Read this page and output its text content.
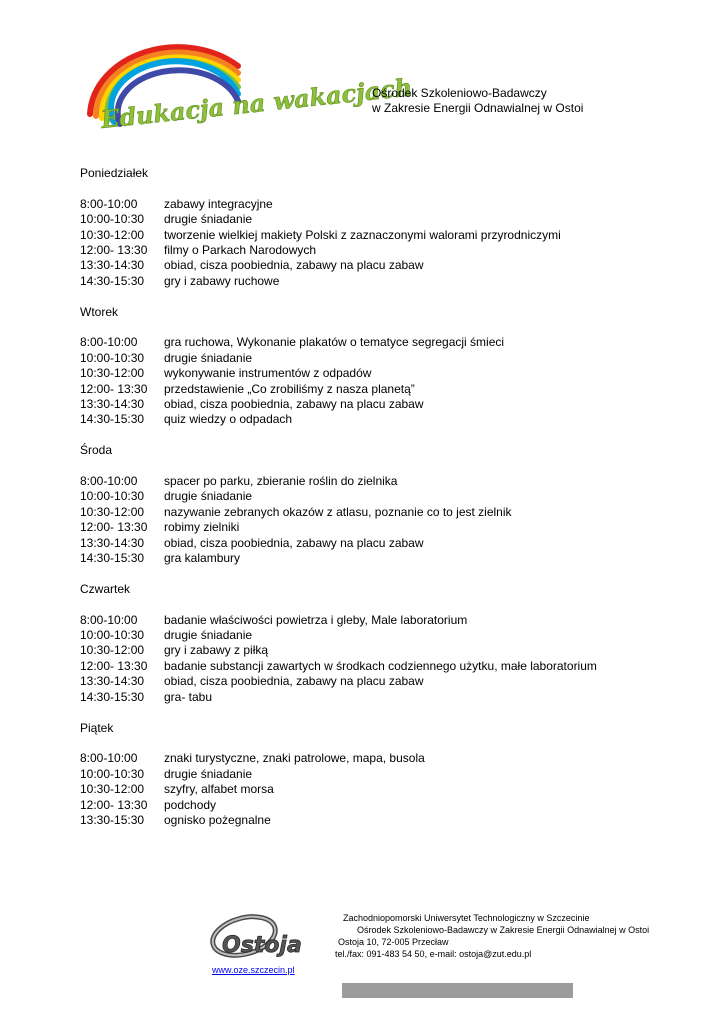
Edukacja na wakacjach
Ośrodek Szkoleniowo-Badawczy
w Zakresie Energii Odnawialnej w Ostoi
Poniedziałek
8:00-10:00	zabawy integracyjne
10:00-10:30	drugie śniadanie
10:30-12:00	tworzenie wielkiej makiety Polski z zaznaczonymi walorami przyrodniczymi
12:00- 13:30	filmy o Parkach Narodowych
13:30-14:30	obiad, cisza poobiednia, zabawy na placu zabaw
14:30-15:30	gry i zabawy ruchowe
Wtorek
8:00-10:00	gra ruchowa, Wykonanie plakatów o tematyce segregacji śmieci
10:00-10:30	drugie śniadanie
10:30-12:00	wykonywanie instrumentów z odpadów
12:00- 13:30	przedstawienie „Co zrobiliśmy z nasza planetą”
13:30-14:30	obiad, cisza poobiednia, zabawy na placu zabaw
14:30-15:30	quiz wiedzy o odpadach
Środa
8:00-10:00	spacer po parku, zbieranie roślin do zielnika
10:00-10:30	drugie śniadanie
10:30-12:00	nazywanie zebranych okazów z atlasu, poznanie co to jest zielnik
12:00- 13:30	robimy zielniki
13:30-14:30	obiad, cisza poobiednia, zabawy na placu zabaw
14:30-15:30	gra kalambury
Czwartek
8:00-10:00	badanie właściwości powietrza i gleby, Male laboratorium
10:00-10:30	drugie śniadanie
10:30-12:00	gry i zabawy z piłką
12:00- 13:30	badanie substancji zawartych w środkach codziennego użytku, małe laboratorium
13:30-14:30	obiad, cisza poobiednia, zabawy na placu zabaw
14:30-15:30	gra- tabu
Piątek
8:00-10:00	znaki turystyczne, znaki patrolowe, mapa, busola
10:00-10:30	drugie śniadanie
10:30-12:00	szyfry, alfabet morsa
12:00- 13:30	podchody
13:30-15:30	ognisko pożegnalne
Ostoja
www.oze.szczecin.pl
Zachodniopomorski Uniwersytet Technologiczny w Szczecinie
Ośrodek Szkoleniowo-Badawczy w Zakresie Energii Odnawialnej w Ostoi
Ostoja 10, 72-005 Przecław
tel./fax: 091-483 54 50, e-mail: ostoja@zut.edu.pl
